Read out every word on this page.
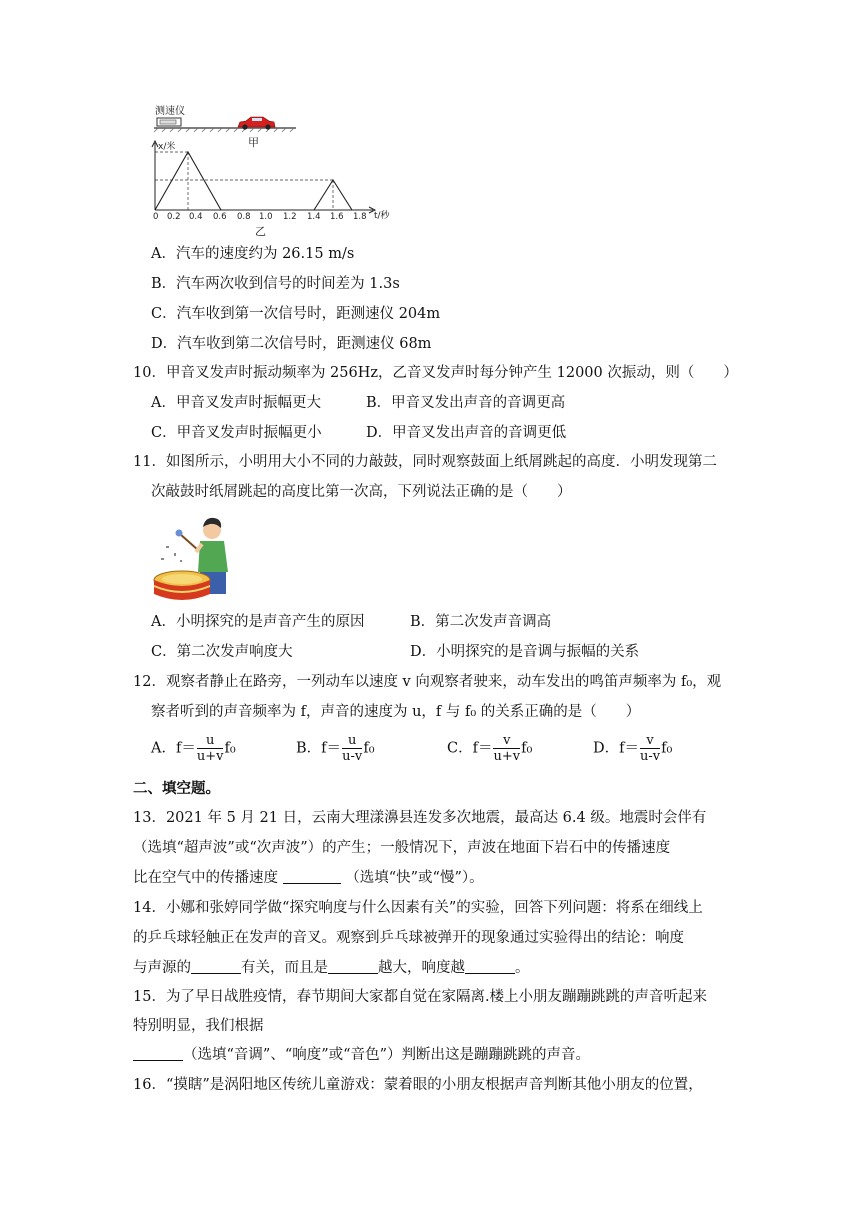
测速仪
甲
x/米
t/秒
0 0.2 0.4 0.6 0.8 1.0 1.2 1.4 1.6 1.8
乙
A．汽车的速度约为 26.15 m/s
B．汽车两次收到信号的时间差为 1.3s
C．汽车收到第一次信号时，距测速仪 204m
D．汽车收到第二次信号时，距测速仪 68m
10．甲音叉发声时振动频率为 256Hz，乙音叉发声时每分钟产生 12000 次振动，则（　　）
A．甲音叉发声时振幅更大	B．甲音叉发出声音的音调更高
C．甲音叉发声时振幅更小	D．甲音叉发出声音的音调更低
11．如图所示，小明用大小不同的力敲鼓，同时观察鼓面上纸屑跳起的高度．小明发现第二
次敲鼓时纸屑跳起的高度比第一次高，下列说法正确的是（　　）
A．小明探究的是声音产生的原因	B．第二次发声音调高
C．第二次发声响度大	D．小明探究的是音调与振幅的关系
12．观察者静止在路旁，一列动车以速度 v 向观察者驶来，动车发出的鸣笛声频率为 f₀，观
察者听到的声音频率为 f，声音的速度为 u，f 与 f₀ 的关系正确的是（　　）
A．$f= \frac{u}{u+v} f_0$	B．$f= \frac{u}{u-v} f_0$	C．$f= \frac{v}{u+v} f_0$	D．$f= \frac{v}{u-v} f_0$
二、填空题。
13．2021 年 5 月 21 日，云南大理漾濞县连发多次地震，最高达 6.4 级。地震时会伴有
（选填“超声波”或“次声波”）的产生；一般情况下，声波在地面下岩石中的传播速度
比在空气中的传播速度	（选填“快”或“慢”）。
14．小娜和张婷同学做“探究响度与什么因素有关”的实验，回答下列问题：将系在细线上
的乒乓球轻触正在发声的音叉。观察到乒乓球被弹开的现象通过实验得出的结论：响度
与声源的	有关，而且是	越大，响度越	。
15．为了早日战胜疫情，春节期间大家都自觉在家隔离.楼上小朋友蹦蹦跳跳的声音听起来
特别明显，我们根据
（选填“音调”、“响度”或“音色”）判断出这是蹦蹦跳跳的声音。
16．“摸瞎”是涡阳地区传统儿童游戏：蒙着眼的小朋友根据声音判断其他小朋友的位置，
